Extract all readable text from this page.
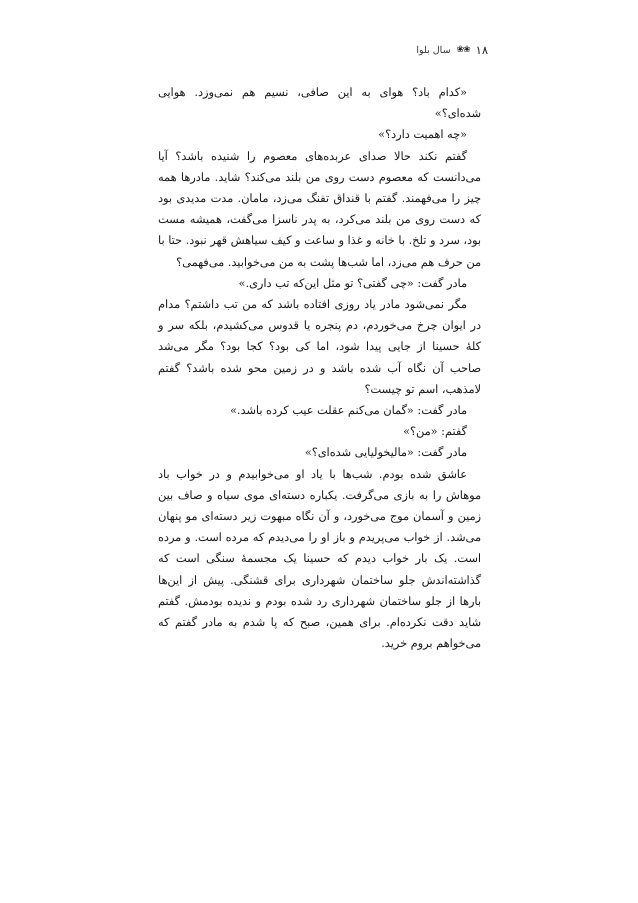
۱۸
❀❀
سال بلوا

«کدام باد؟ هوای به این صافی، نسیم هم نمی‌وزد. هوایی شده‌ای؟»

«چه اهمیت دارد؟»

گفتم نکند حالا صدای عربده‌های معصوم را شنیده باشد؟ آیا می‌دانست که معصوم دست روی من بلند می‌کند؟ شاید. مادرها همه چیز را می‌فهمند. گفتم با قنداق تفنگ می‌زد، ماما‌ن. مدت مدیدی بود که دست روی من بلند می‌کرد، به پدر ناسزا می‌گفت، همیشه مست بود، سرد و تلخ. با خانه و غذا و ساعت و کیف سیاهش قهر نبود. حتا با من حرف هم می‌زد، اما شب‌ها پشت به من می‌خوابید. می‌فهمی؟

مادر گفت: «چی گفتی؟ تو مثل این‌که تب داری.»

مگر نمی‌شود مادر یاد روزی افتاده باشد که من تب داشتم؟ مدام در ایوان چرخ می‌خوردم، دم پنجره یا قدوس می‌کشیدم، بلکه سر و کلهٔ حسینا از جایی پیدا شود، اما کی بود؟ کجا بود؟ مگر می‌شد صاحب آن نگاه آب شده باشد و در زمین محو شده باشد؟ گفتم لامذهب، اسم تو چیست؟

مادر گفت: «گمان می‌کنم عقلت عیب کرده باشد.»

گفتم: «من؟»

مادر گفت: «مالیخولیایی شده‌ای؟»

عاشق شده بودم. شب‌ها با یاد او می‌خوابیدم و در خواب باد موهاش را به بازی می‌گرفت. یکباره دسته‌ای موی سیاه و صاف بین زمین و آسمان موج می‌خورد، و آن نگاه مبهوت زیر دسته‌ای مو پنهان می‌شد. از خواب می‌پریدم و باز او را می‌دیدم که مرده است. و مرده است. یک بار خواب دیدم که حسینا یک مجسمهٔ سنگی است که گذاشته‌اندش جلو ساختمان شهرداری برای قشنگی. پیش از این‌ها بارها از جلو ساختمان شهرداری رد شده بودم و ندیده بودمش. گفتم شاید دقت نکرده‌ام. برای همین، صبح که پا شدم به مادر گفتم که می‌خواهم بروم خرید.
